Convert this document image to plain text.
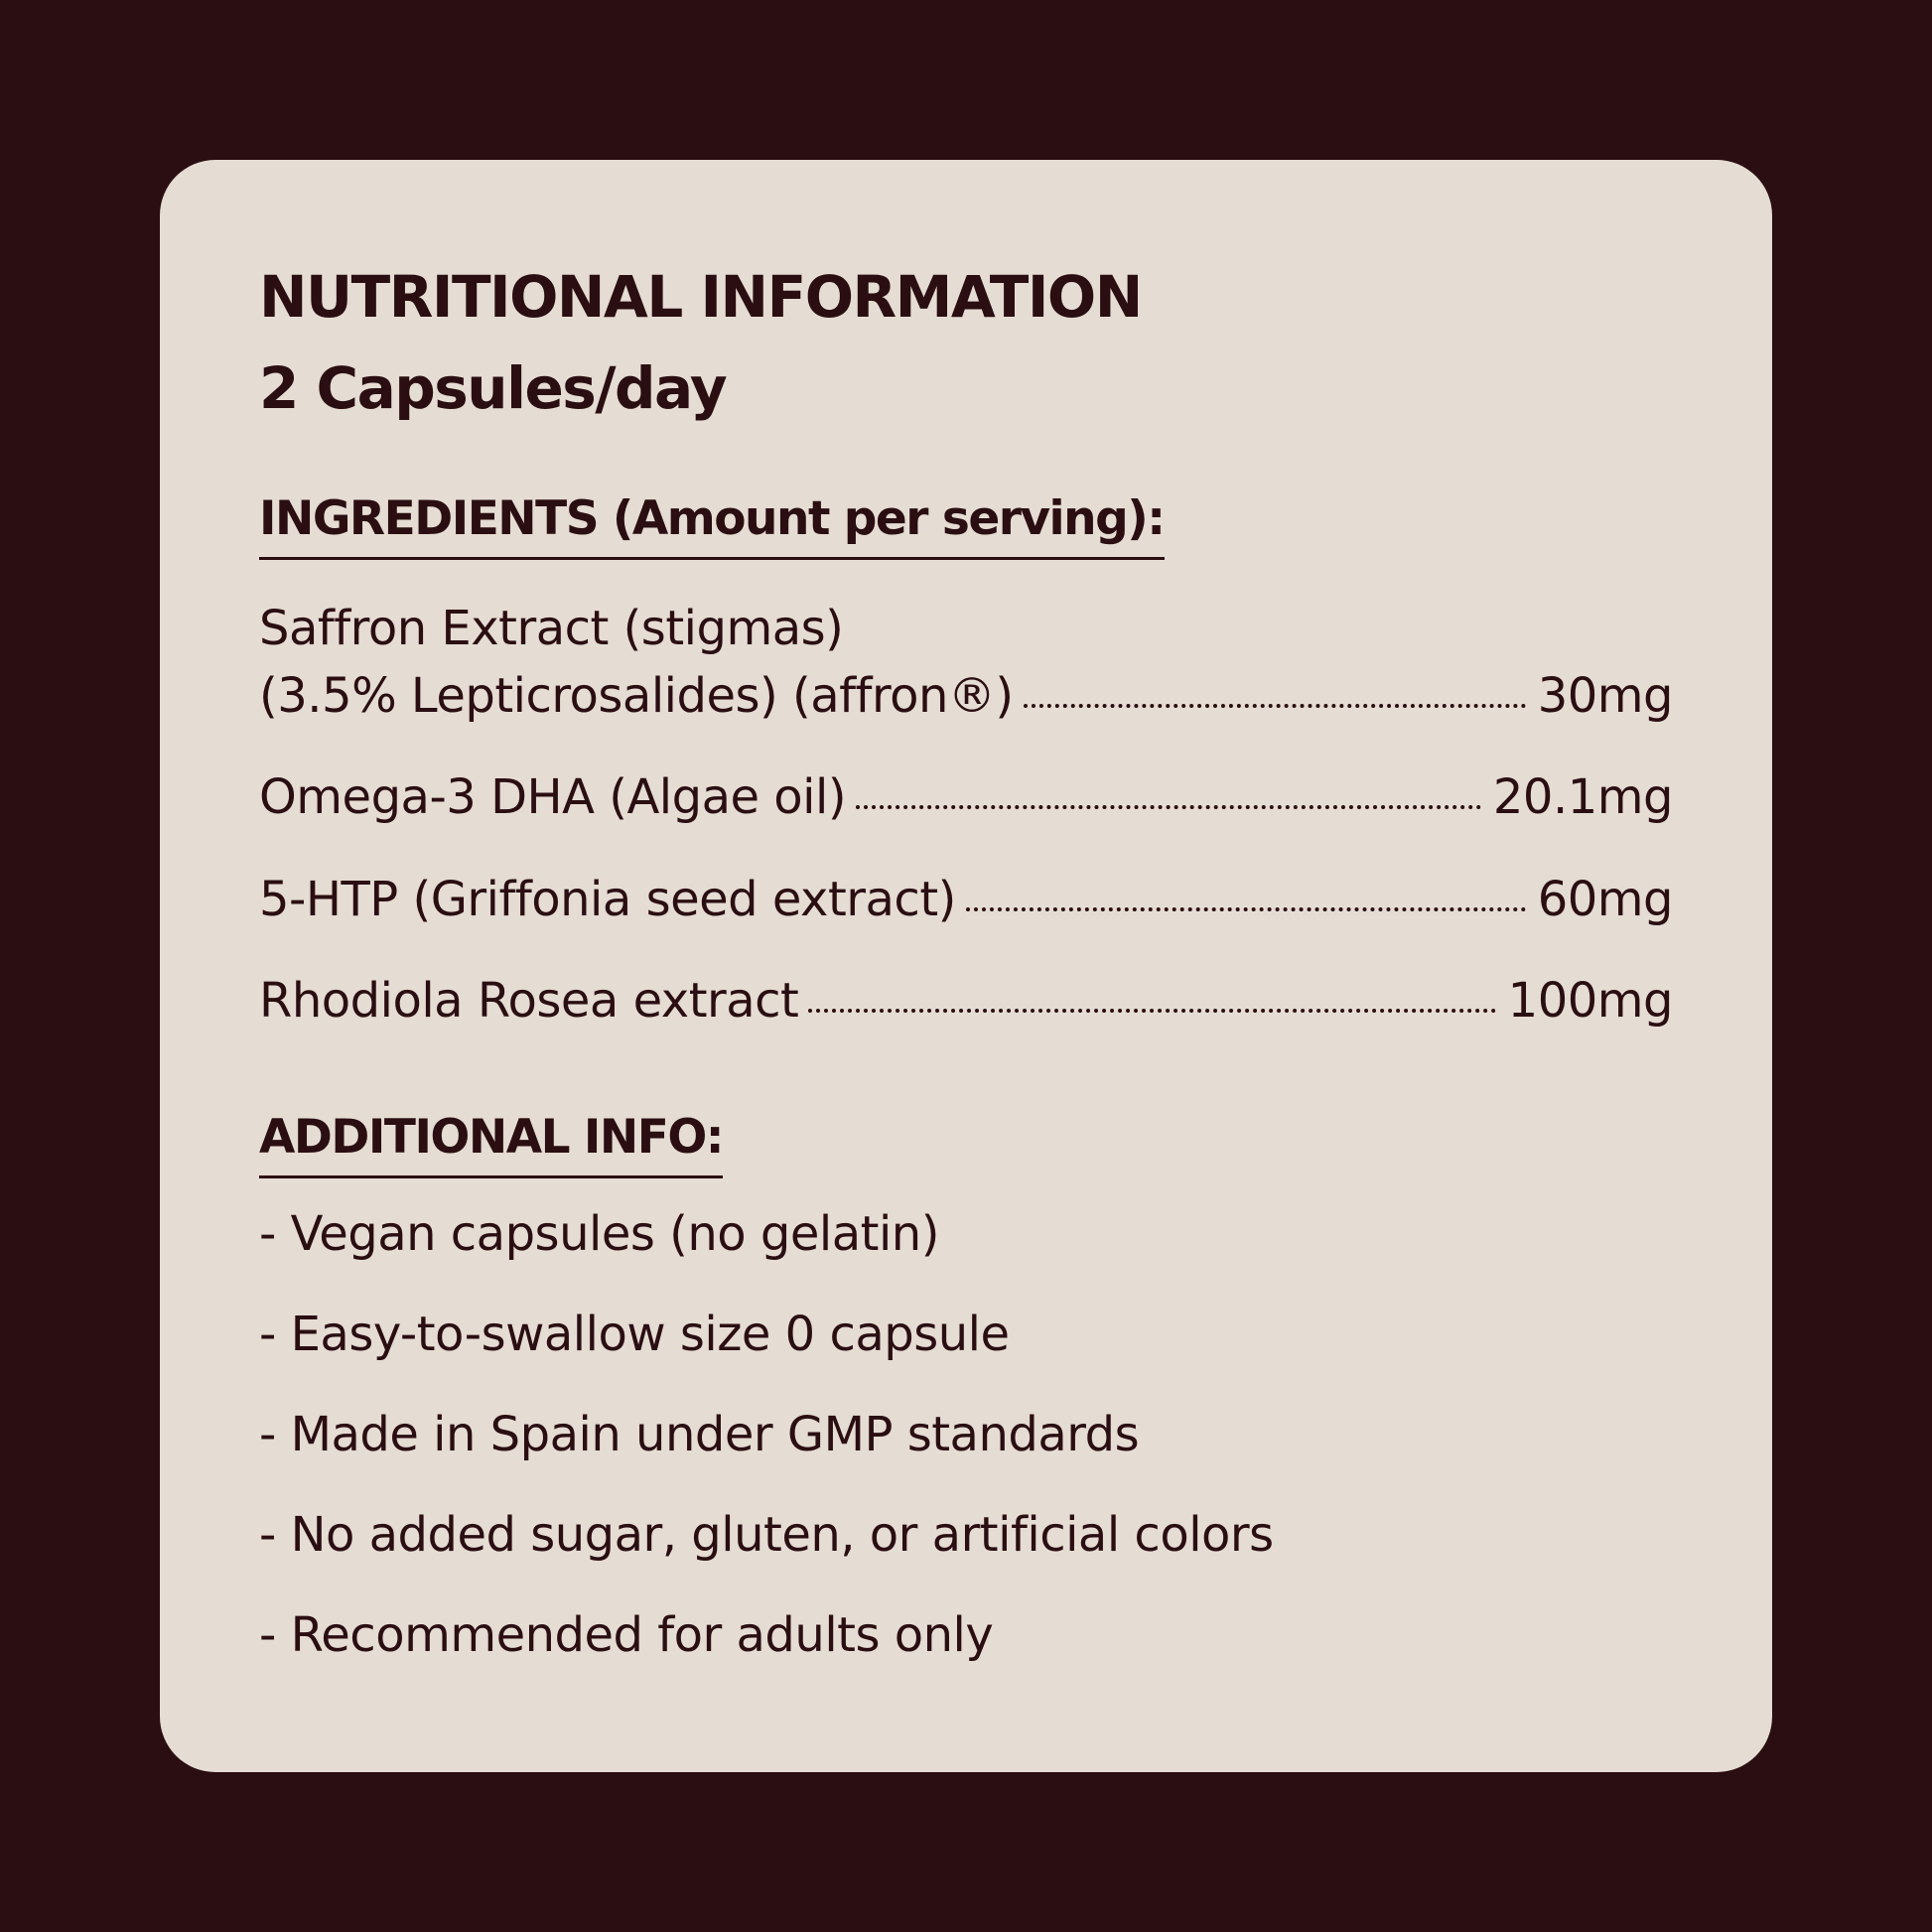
NUTRITIONAL INFORMATION
2 Capsules/day
INGREDIENTS (Amount per serving):
Saffron Extract (stigmas)
(3.5% Lepticrosalides) (affron®)	30mg
Omega-3 DHA (Algae oil)	20.1mg
5-HTP (Griffonia seed extract)	60mg
Rhodiola Rosea extract	100mg
ADDITIONAL INFO:
- Vegan capsules (no gelatin)
- Easy-to-swallow size 0 capsule
- Made in Spain under GMP standards
- No added sugar, gluten, or artificial colors
- Recommended for adults only
